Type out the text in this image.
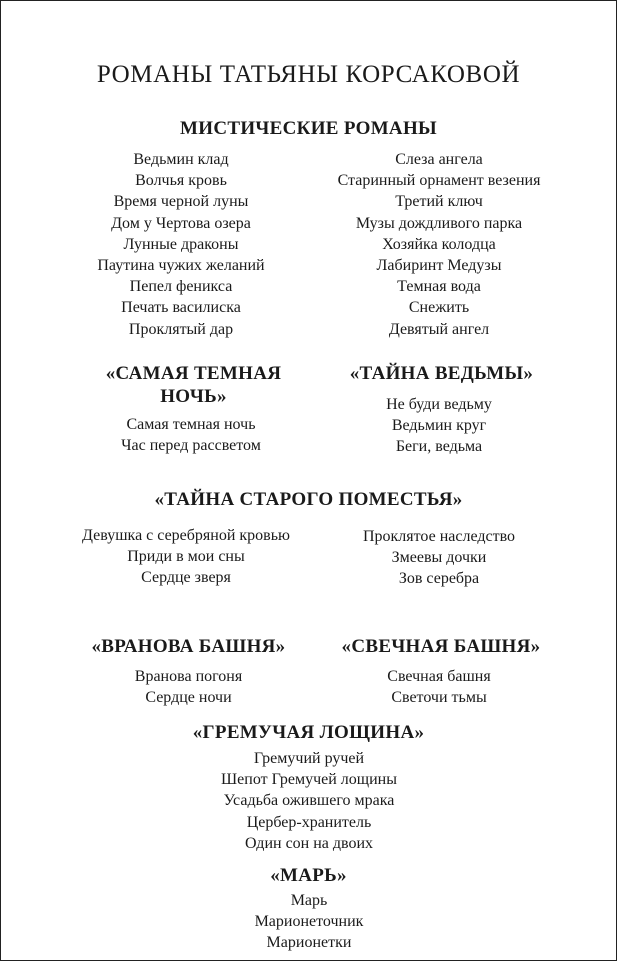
РОМАНЫ ТАТЬЯНЫ КОРСАКОВОЙ
МИСТИЧЕСКИЕ РОМАНЫ
Ведьмин клад
Волчья кровь
Время черной луны
Дом у Чертова озера
Лунные драконы
Паутина чужих желаний
Пепел феникса
Печать василиска
Проклятый дар
Слеза ангела
Старинный орнамент везения
Третий ключ
Музы дождливого парка
Хозяйка колодца
Лабиринт Медузы
Темная вода
Снежить
Девятый ангел
«САМАЯ ТЕМНАЯ НОЧЬ»
Самая темная ночь
Час перед рассветом
«ТАЙНА ВЕДЬМЫ»
Не буди ведьму
Ведьмин круг
Беги, ведьма
«ТАЙНА СТАРОГО ПОМЕСТЬЯ»
Девушка с серебряной кровью
Приди в мои сны
Сердце зверя
Проклятое наследство
Змеевы дочки
Зов серебра
«ВРАНОВА БАШНЯ»
Вранова погоня
Сердце ночи
«СВЕЧНАЯ БАШНЯ»
Свечная башня
Светочи тьмы
«ГРЕМУЧАЯ ЛОЩИНА»
Гремучий ручей
Шепот Гремучей лощины
Усадьба ожившего мрака
Цербер-хранитель
Один сон на двоих
«МАРЬ»
Марь
Марионеточник
Марионетки
